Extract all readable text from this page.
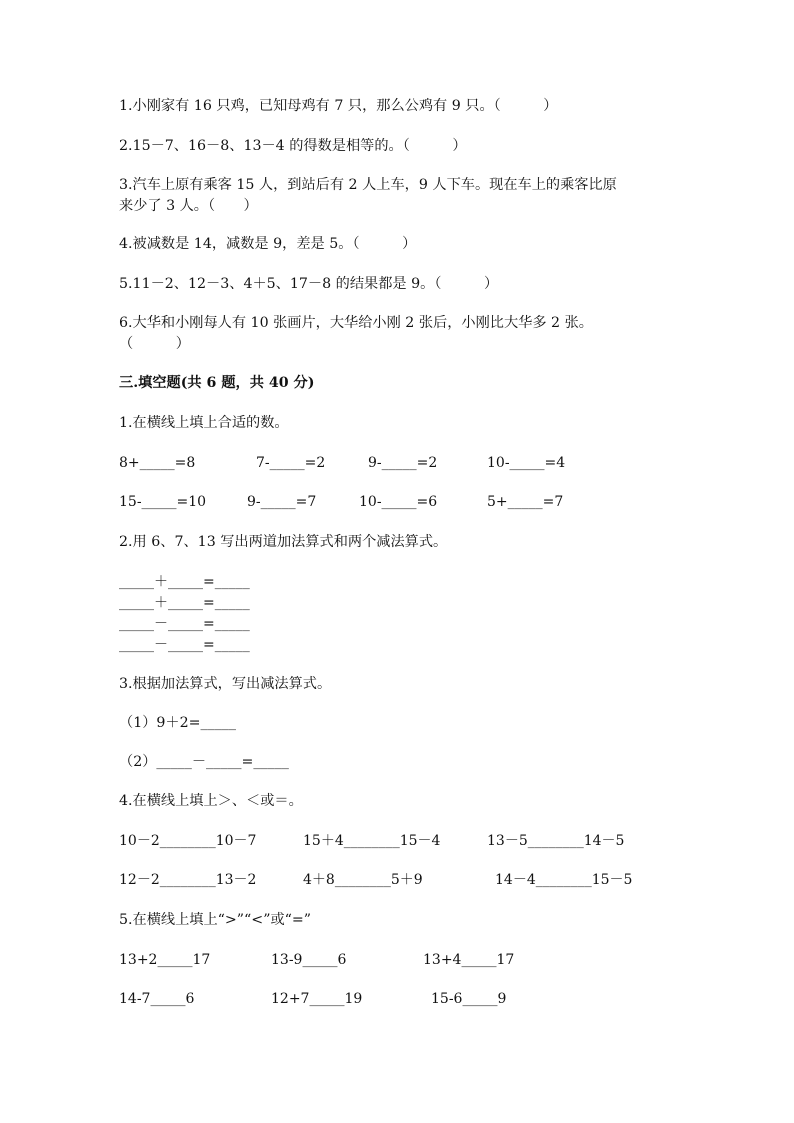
1.小刚家有 16 只鸡，已知母鸡有 7 只，那么公鸡有 9 只。（　　　）
2.15－7、16－8、13－4 的得数是相等的。（　　　）
3.汽车上原有乘客 15 人，到站后有 2 人上车，9 人下车。现在车上的乘客比原
来少了 3 人。（　　）
4.被减数是 14，减数是 9，差是 5。（　　　）
5.11－2、12－3、4＋5、17－8 的结果都是 9。（　　　）
6.大华和小刚每人有 10 张画片，大华给小刚 2 张后，小刚比大华多 2 张。
（　　　）
三.填空题(共 6 题，共 40 分)
1.在横线上填上合适的数。
8+_____=8	7-_____=2	9-_____=2	10-_____=4
15-_____=10	9-_____=7	10-_____=6	5+_____=7
2.用 6、7、13 写出两道加法算式和两个减法算式。
_____＋_____=_____
_____＋_____=_____
_____－_____=_____
_____－_____=_____
3.根据加法算式，写出减法算式。
（1）9＋2=_____
（2）_____－_____=_____
4.在横线上填上＞、＜或＝。
10－2________10－7	15＋4________15－4	13－5________14－5
12－2________13－2	4＋8________5＋9	14－4________15－5
5.在横线上填上“>”“<”或“=”
13+2_____17	13-9_____6	13+4_____17
14-7_____6	12+7_____19	15-6_____9
